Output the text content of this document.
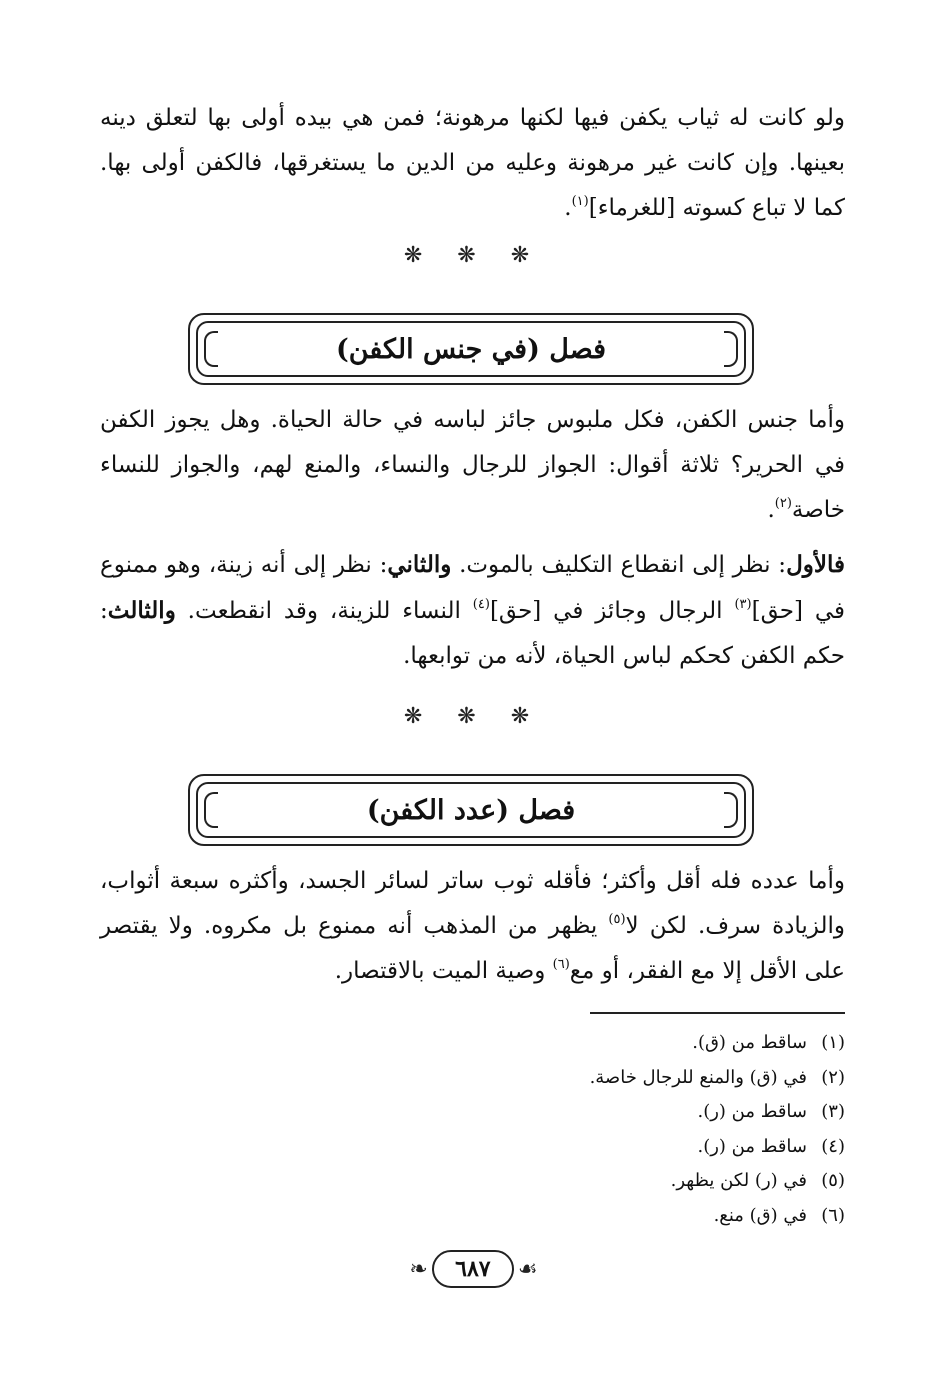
ولو كانت له ثياب يكفن فيها لكنها مرهونة؛ فمن هي بيده أولى بها لتعلق دينه بعينها. وإن كانت غير مرهونة وعليه من الدين ما يستغرقها، فالكفن أولى بها. كما لا تباع كسوته [للغرماء]$^{(١)}$.

❋ ❋ ❋
فصل (في جنس الكفن)

وأما جنس الكفن، فكل ملبوس جائز لباسه في حالة الحياة. وهل يجوز الكفن في الحرير؟ ثلاثة أقوال: الجواز للرجال والنساء، والمنع لهم، والجواز للنساء خاصة$^{(٢)}$.

فالأول: نظر إلى انقطاع التكليف بالموت. والثاني: نظر إلى أنه زينة، وهو ممنوع في [حق]$^{(٣)}$ الرجال وجائز في [حق]$^{(٤)}$ النساء للزينة، وقد انقطعت. والثالث: حكم الكفن كحكم لباس الحياة، لأنه من توابعها.

❋ ❋ ❋
فصل (عدد الكفن)

وأما عدده فله أقل وأكثر؛ فأقله ثوب ساتر لسائر الجسد، وأكثره سبعة أثواب، والزيادة سرف. لكن لا$^{(٥)}$ يظهر من المذهب أنه ممنوع بل مكروه. ولا يقتصر على الأقل إلا مع الفقر، أو مع$^{(٦)}$ وصية الميت بالاقتصار.

(١)
ساقط من (ق).
(٢)
في (ق) والمنع للرجال خاصة.
(٣)
ساقط من (ر).
(٤)
ساقط من (ر).
(٥)
في (ر) لكن يظهر.
(٦)
في (ق) منع.
❧	٦٨٧	☙
